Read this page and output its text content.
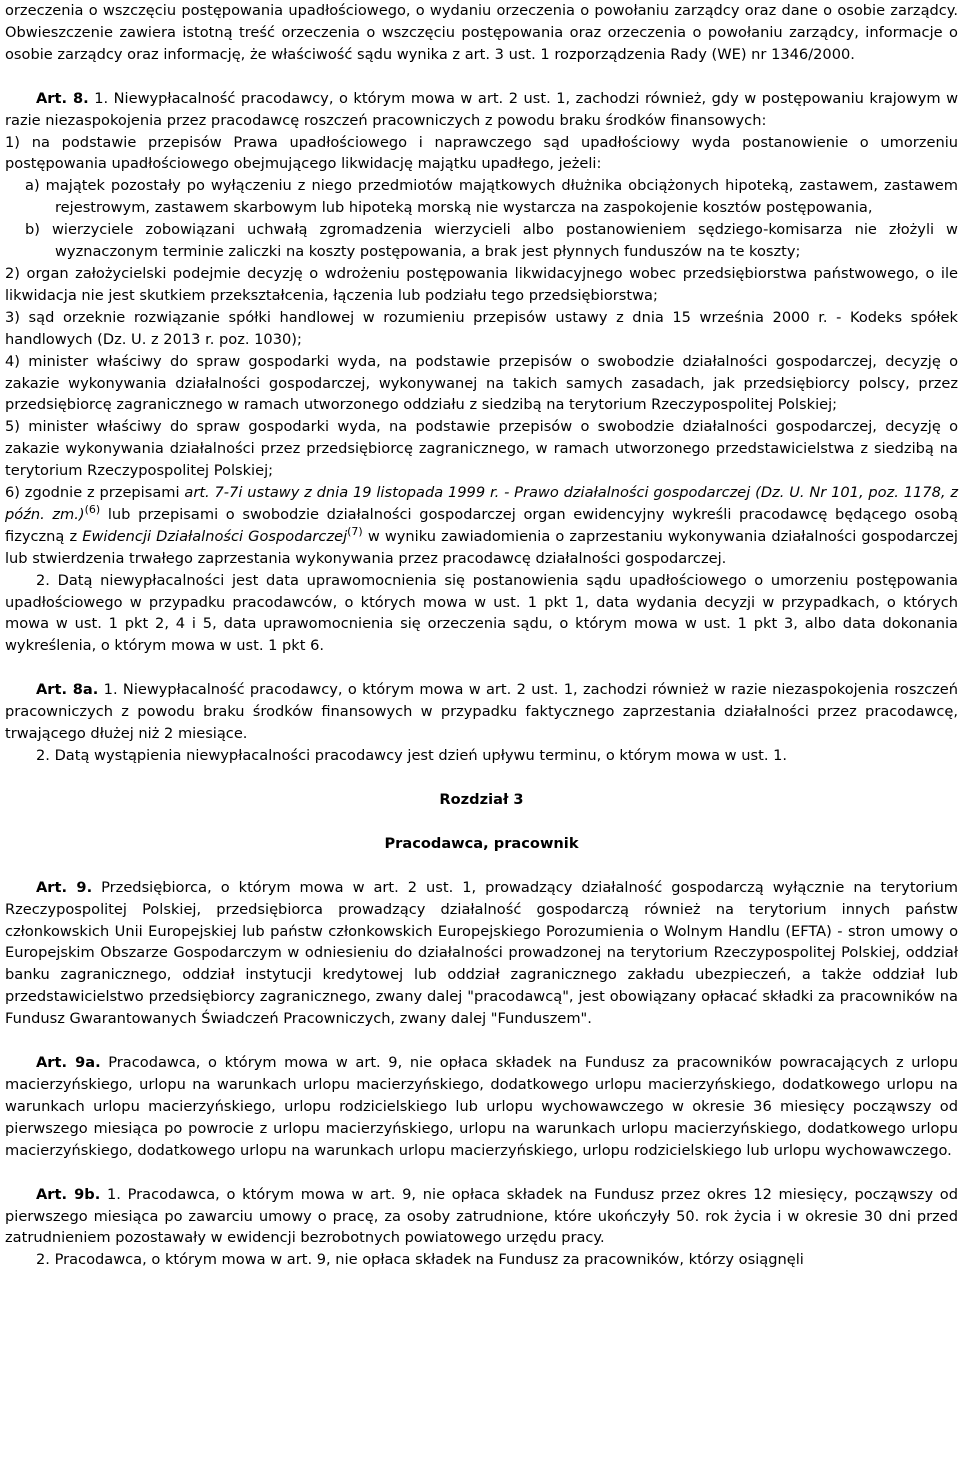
orzeczenia o wszczęciu postępowania upadłościowego, o wydaniu orzeczenia o powołaniu zarządcy oraz dane o osobie zarządcy. Obwieszczenie zawiera istotną treść orzeczenia o wszczęciu postępowania oraz orzeczenia o powołaniu zarządcy, informacje o osobie zarządcy oraz informację, że właściwość sądu wynika z art. 3 ust. 1 rozporządzenia Rady (WE) nr 1346/2000.

Art. 8. 1. Niewypłacalność pracodawcy, o którym mowa w art. 2 ust. 1, zachodzi również, gdy w postępowaniu krajowym w razie niezaspokojenia przez pracodawcę roszczeń pracowniczych z powodu braku środków finansowych:

1) na podstawie przepisów Prawa upadłościowego i naprawczego sąd upadłościowy wyda postanowienie o umorzeniu postępowania upadłościowego obejmującego likwidację majątku upadłego, jeżeli:

a) majątek pozostały po wyłączeniu z niego przedmiotów majątkowych dłużnika obciążonych hipoteką, zastawem, zastawem rejestrowym, zastawem skarbowym lub hipoteką morską nie wystarcza na zaspokojenie kosztów postępowania,

b) wierzyciele zobowiązani uchwałą zgromadzenia wierzycieli albo postanowieniem sędziego-komisarza nie złożyli w wyznaczonym terminie zaliczki na koszty postępowania, a brak jest płynnych funduszów na te koszty;

2) organ założycielski podejmie decyzję o wdrożeniu postępowania likwidacyjnego wobec przedsiębiorstwa państwowego, o ile likwidacja nie jest skutkiem przekształcenia, łączenia lub podziału tego przedsiębiorstwa;

3) sąd orzeknie rozwiązanie spółki handlowej w rozumieniu przepisów ustawy z dnia 15 września 2000 r. - Kodeks spółek handlowych (Dz. U. z 2013 r. poz. 1030);

4) minister właściwy do spraw gospodarki wyda, na podstawie przepisów o swobodzie działalności gospodarczej, decyzję o zakazie wykonywania działalności gospodarczej, wykonywanej na takich samych zasadach, jak przedsiębiorcy polscy, przez przedsiębiorcę zagranicznego w ramach utworzonego oddziału z siedzibą na terytorium Rzeczypospolitej Polskiej;

5) minister właściwy do spraw gospodarki wyda, na podstawie przepisów o swobodzie działalności gospodarczej, decyzję o zakazie wykonywania działalności przez przedsiębiorcę zagranicznego, w ramach utworzonego przedstawicielstwa z siedzibą na terytorium Rzeczypospolitej Polskiej;

6) zgodnie z przepisami art. 7-7i ustawy z dnia 19 listopada 1999 r. - Prawo działalności gospodarczej (Dz. U. Nr 101, poz. 1178, z późn. zm.)$^{(6)}$ lub przepisami o swobodzie działalności gospodarczej organ ewidencyjny wykreśli pracodawcę będącego osobą fizyczną z Ewidencji Działalności Gospodarczej$^{(7)}$ w wyniku zawiadomienia o zaprzestaniu wykonywania działalności gospodarczej lub stwierdzenia trwałego zaprzestania wykonywania przez pracodawcę działalności gospodarczej.

2. Datą niewypłacalności jest data uprawomocnienia się postanowienia sądu upadłościowego o umorzeniu postępowania upadłościowego w przypadku pracodawców, o których mowa w ust. 1 pkt 1, data wydania decyzji w przypadkach, o których mowa w ust. 1 pkt 2, 4 i 5, data uprawomocnienia się orzeczenia sądu, o którym mowa w ust. 1 pkt 3, albo data dokonania wykreślenia, o którym mowa w ust. 1 pkt 6.

Art. 8a. 1. Niewypłacalność pracodawcy, o którym mowa w art. 2 ust. 1, zachodzi również w razie niezaspokojenia roszczeń pracowniczych z powodu braku środków finansowych w przypadku faktycznego zaprzestania działalności przez pracodawcę, trwającego dłużej niż 2 miesiące.

2. Datą wystąpienia niewypłacalności pracodawcy jest dzień upływu terminu, o którym mowa w ust. 1.

Rozdział 3

Pracodawca, pracownik

Art. 9. Przedsiębiorca, o którym mowa w art. 2 ust. 1, prowadzący działalność gospodarczą wyłącznie na terytorium Rzeczypospolitej Polskiej, przedsiębiorca prowadzący działalność gospodarczą również na terytorium innych państw członkowskich Unii Europejskiej lub państw członkowskich Europejskiego Porozumienia o Wolnym Handlu (EFTA) - stron umowy o Europejskim Obszarze Gospodarczym w odniesieniu do działalności prowadzonej na terytorium Rzeczypospolitej Polskiej, oddział banku zagranicznego, oddział instytucji kredytowej lub oddział zagranicznego zakładu ubezpieczeń, a także oddział lub przedstawicielstwo przedsiębiorcy zagranicznego, zwany dalej "pracodawcą", jest obowiązany opłacać składki za pracowników na Fundusz Gwarantowanych Świadczeń Pracowniczych, zwany dalej "Funduszem".

Art. 9a. Pracodawca, o którym mowa w art. 9, nie opłaca składek na Fundusz za pracowników powracających z urlopu macierzyńskiego, urlopu na warunkach urlopu macierzyńskiego, dodatkowego urlopu macierzyńskiego, dodatkowego urlopu na warunkach urlopu macierzyńskiego, urlopu rodzicielskiego lub urlopu wychowawczego w okresie 36 miesięcy począwszy od pierwszego miesiąca po powrocie z urlopu macierzyńskiego, urlopu na warunkach urlopu macierzyńskiego, dodatkowego urlopu macierzyńskiego, dodatkowego urlopu na warunkach urlopu macierzyńskiego, urlopu rodzicielskiego lub urlopu wychowawczego.

Art. 9b. 1. Pracodawca, o którym mowa w art. 9, nie opłaca składek na Fundusz przez okres 12 miesięcy, począwszy od pierwszego miesiąca po zawarciu umowy o pracę, za osoby zatrudnione, które ukończyły 50. rok życia i w okresie 30 dni przed zatrudnieniem pozostawały w ewidencji bezrobotnych powiatowego urzędu pracy.

2. Pracodawca, o którym mowa w art. 9, nie opłaca składek na Fundusz za pracowników, którzy osiągnęli
